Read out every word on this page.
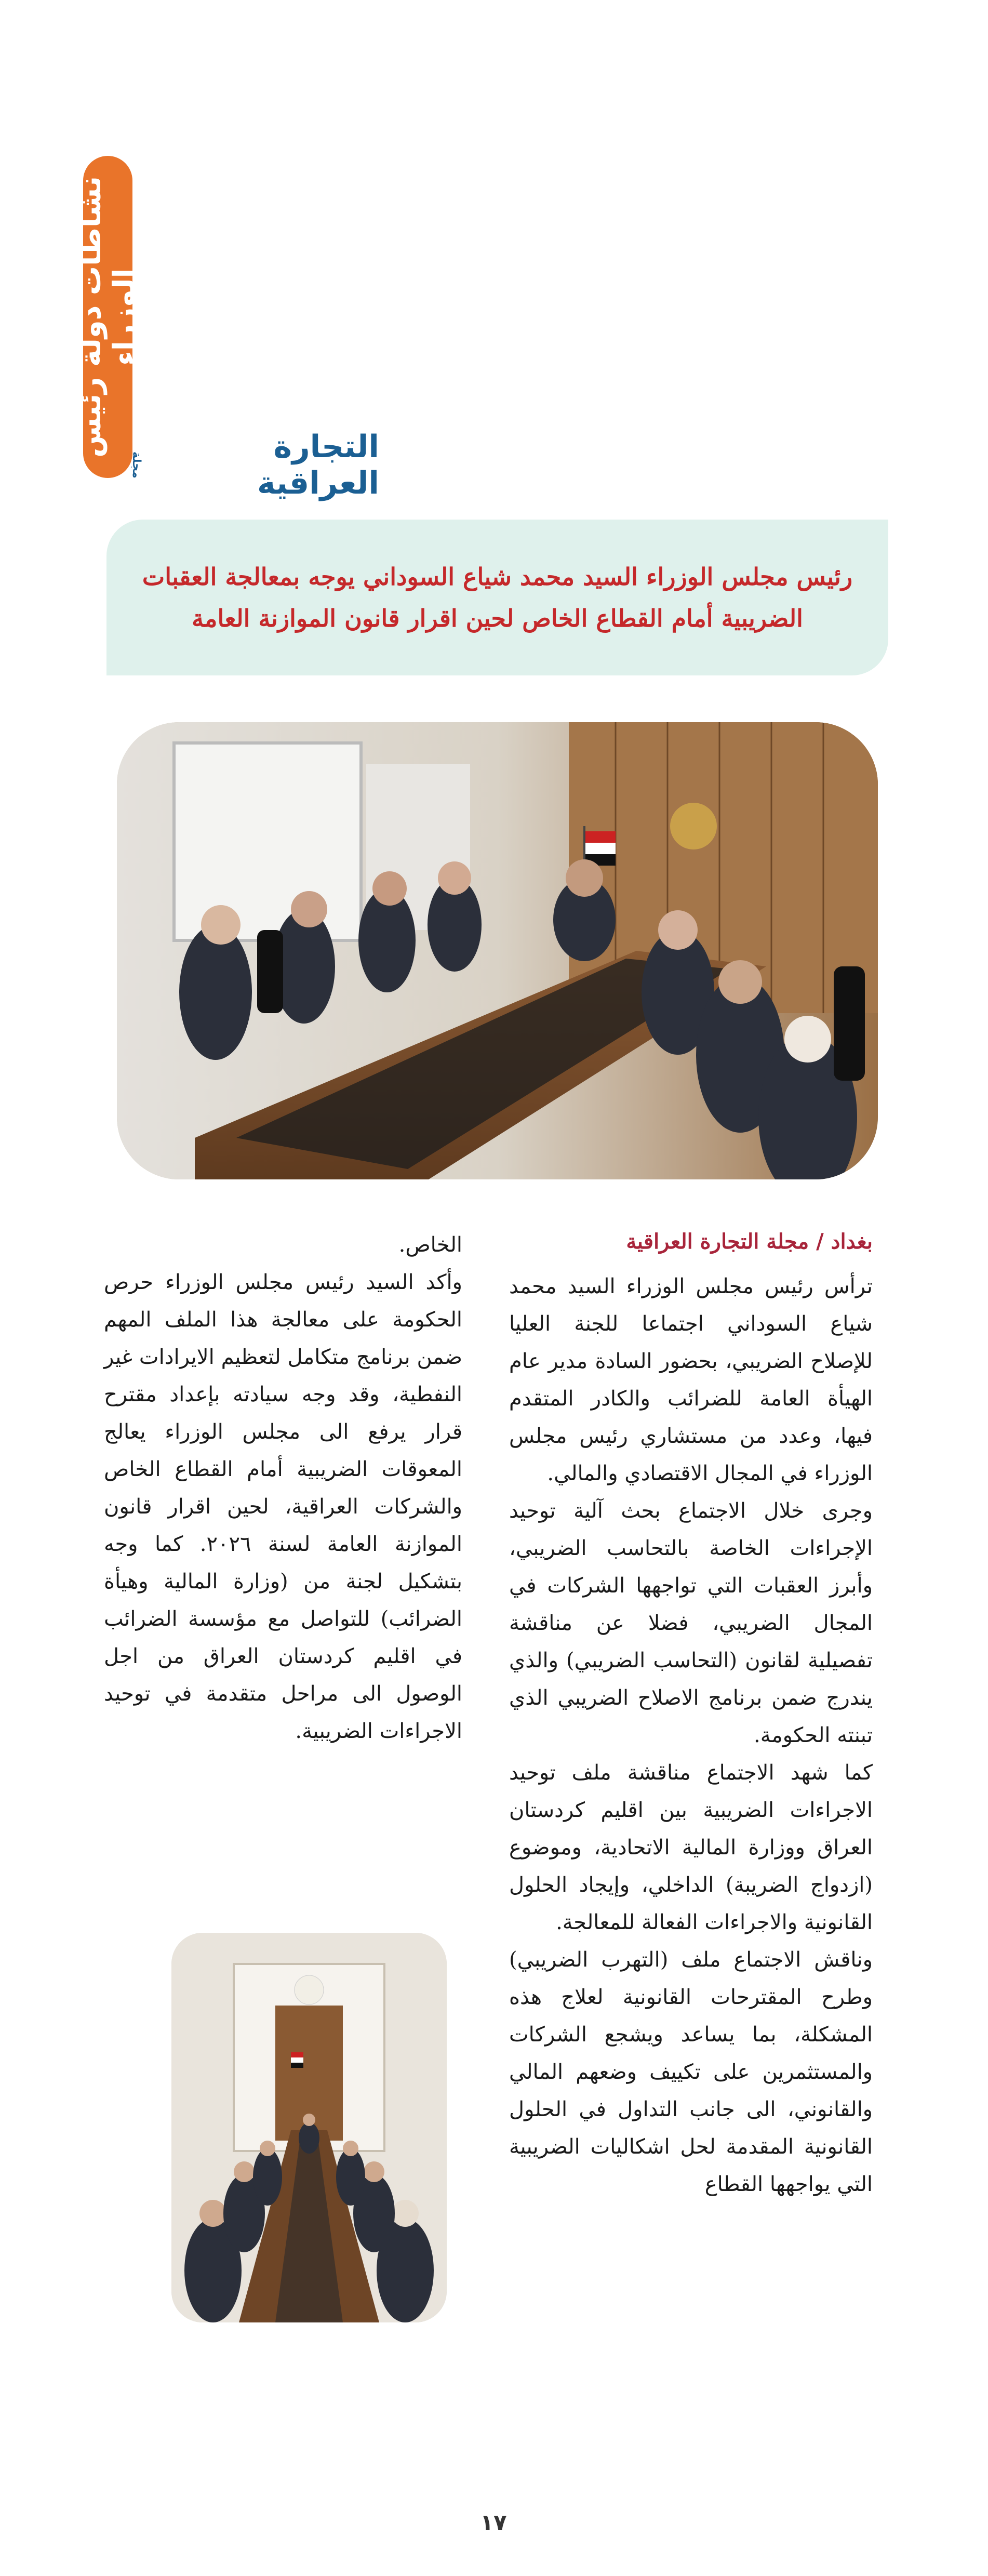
نشاطات دولة رئيس
الوزراء
التجارة العراقية
مجلة

رئيس مجلس الوزراء السيد محمد شياع السوداني يوجه بمعالجة العقبات

الضريبية أمام القطاع الخاص لحين اقرار قانون الموازنة العامة

بغداد / مجلة التجارة العراقية

ترأس رئيس مجلس الوزراء السيد محمد شياع السوداني اجتماعا للجنة العليا للإصلاح الضريبي، بحضور السادة مدير عام الهيأة العامة للضرائب والكادر المتقدم فيها، وعدد من مستشاري رئيس مجلس الوزراء في المجال الاقتصادي والمالي.
وجرى خلال الاجتماع بحث آلية توحيد الإجراءات الخاصة بالتحاسب الضريبي، وأبرز العقبات التي تواجهها الشركات في المجال الضريبي، فضلا عن مناقشة تفصيلية لقانون (التحاسب الضريبي) والذي يندرج ضمن برنامج الاصلاح الضريبي الذي تبنته الحكومة.
كما شهد الاجتماع مناقشة ملف توحيد الاجراءات الضريبية بين اقليم كردستان العراق ووزارة المالية الاتحادية، وموضوع (ازدواج الضريبة) الداخلي، وإيجاد الحلول القانونية والاجراءات الفعالة للمعالجة.
وناقش الاجتماع ملف (التهرب الضريبي) وطرح المقترحات القانونية لعلاج هذه المشكلة، بما يساعد ويشجع الشركات والمستثمرين على تكييف وضعهم المالي والقانوني، الى جانب التداول في الحلول القانونية المقدمة لحل اشكاليات الضريبية التي يواجهها القطاع

الخاص.
وأكد السيد رئيس مجلس الوزراء حرص الحكومة على معالجة هذا الملف المهم ضمن برنامج متكامل لتعظيم الايرادات غير النفطية، وقد وجه سيادته بإعداد مقترح قرار يرفع الى مجلس الوزراء يعالج المعوقات الضريبية أمام القطاع الخاص والشركات العراقية، لحين اقرار قانون الموازنة العامة لسنة ٢٠٢٦. كما وجه بتشكيل لجنة من (وزارة المالية وهيأة الضرائب) للتواصل مع مؤسسة الضرائب في اقليم كردستان العراق من اجل الوصول الى مراحل متقدمة في توحيد الاجراءات الضريبية.

١٧
